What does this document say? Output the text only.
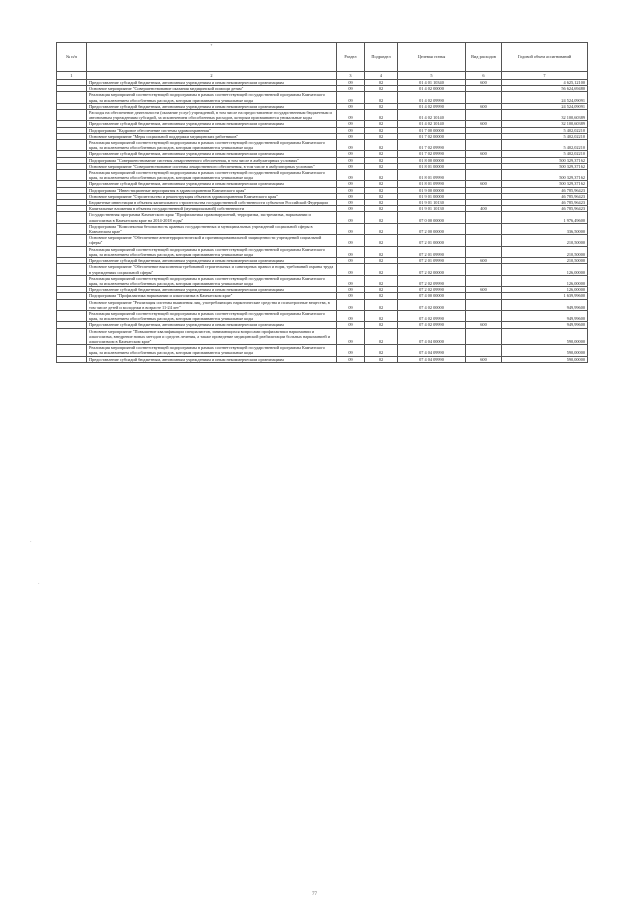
№ п/п	°	Раздел	Подраздел	Целевая статья	Вид расходов	Годовой объем ассигнований
1	2	3	4	5	6	7
	Предоставление субсидий бюджетным, автономным учреждениям и иным некоммерческим организациям	09	02	01 4 01 10340	600	4 625,12100
	Основное мероприятие "Совершенствование оказания медицинской помощи детям"	09	02	01 4 02 00000		56 624,69480
	Реализация мероприятий соответствующей подпрограммы в рамках соответствующей государственной программы Камчатского края, за исключением обособленных расходов, которым присваиваются уникальные коды	09	02	01 4 02 09990		24 524,09091
	Предоставление субсидий бюджетным, автономным учреждениям и иным некоммерческим организациям	09	02	01 4 02 09990	600	24 524,09091
	Расходы на обеспечение деятельности (оказание услуг) учреждений, в том числе на предоставление государственным бюджетным и автономным учреждениям субсидий, за исключением обособленных расходов, которым присваиваются уникальные коды	09	02	01 4 02 10140		32 100,60389
	Предоставление субсидий бюджетным, автономным учреждениям и иным некоммерческим организациям	09	02	01 4 02 10140	600	32 100,60389
	Подпрограмма "Кадровое обеспечение системы здравоохранения"	09	02	01 7 00 00000		5 402,02210
	Основное мероприятие "Меры социальной поддержки медицинских работников"	09	02	01 7 02 00000		5 402,02210
	Реализация мероприятий соответствующей подпрограммы в рамках соответствующей государственной программы Камчатского края, за исключением обособленных расходов, которым присваиваются уникальные коды	09	02	01 7 02 09990		5 402,02210
	Предоставление субсидий бюджетным, автономным учреждениям и иным некоммерческим организациям	09	02	01 7 02 09990	600	5 402,02210
	Подпрограмма "Совершенствование системы лекарственного обеспечения, в том числе в амбулаторных условиях"	09	02	01 8 00 00000		500 329,37162
	Основное мероприятие "Совершенствование системы лекарственного обеспечения, в том числе в амбулаторных условиях"	09	02	01 8 01 00000		500 329,37162
	Реализация мероприятий соответствующей подпрограммы в рамках соответствующей государственной программы Камчатского края, за исключением обособленных расходов, которым присваиваются уникальные коды	09	02	01 8 01 09990		500 329,37162
	Предоставление субсидий бюджетным, автономным учреждениям и иным некоммерческим организациям	09	02	01 8 01 09990	600	500 329,37162
	Подпрограмма "Инвестиционные мероприятия в здравоохранении Камчатского края"	09	02	01 9 00 00000		46 785,96423
	Основное мероприятие "Строительство и реконструкция объектов здравоохранения Камчатского края"	09	02	01 9 01 00000		46 785,96423
	Бюджетные инвестиции в объекты капитального строительства государственной собственности субъектов Российской Федерации	09	02	01 9 01 10130		46 785,96423
	Капитальные вложения в объекты государственной (муниципальной) собственности	09	02	01 9 01 10130	400	46 785,96423
	Государственная программа Камчатского края "Профилактика правонарушений, терроризма, экстремизма, наркомании и алкоголизма в Камчатском крае на 2014-2018 годы"	09	02	07 0 00 00000		1 976,49600
	Подпрограмма "Комплексная безопасность краевых государственных и муниципальных учреждений социальной сферы в Камчатском крае"	09	02	07 2 00 00000		336,50000
	Основное мероприятие "Обеспечение антитеррористической и противокриминальной защищенности учреждений социальной сферы"	09	02	07 2 01 00000		210,50000
	Реализация мероприятий соответствующей подпрограммы в рамках соответствующей государственной программы Камчатского края, за исключением обособленных расходов, которым присваиваются уникальные коды	09	02	07 2 01 09990		210,50000
	Предоставление субсидий бюджетным, автономным учреждениям и иным некоммерческим организациям	09	02	07 2 01 09990	600	210,50000
	Основное мероприятие "Обеспечение выполнения требований строительных и санитарных правил и норм, требований охраны труда в учреждениях социальной сферы"	09	02	07 2 02 00000		126,00000
	Реализация мероприятий соответствующей подпрограммы в рамках соответствующей государственной программы Камчатского края, за исключением обособленных расходов, которым присваиваются уникальные коды	09	02	07 2 02 09990		126,00000
	Предоставление субсидий бюджетным, автономным учреждениям и иным некоммерческим организациям	09	02	07 2 02 09990	600	126,00000
	Подпрограмма "Профилактика наркомании и алкоголизма в Камчатском крае"	09	02	07 4 00 00000		1 639,99600
	Основное мероприятие "Реализация системы выявления лиц, употребляющих наркотические средства и психотропные вещества, в том числе детей и молодежи в возрасте 11-24 лет"	09	02	07 4 02 00000		949,99600
	Реализация мероприятий соответствующей подпрограммы в рамках соответствующей государственной программы Камчатского края, за исключением обособленных расходов, которым присваиваются уникальные коды	09	02	07 4 02 09990		949,99600
	Предоставление субсидий бюджетным, автономным учреждениям и иным некоммерческим организациям	09	02	07 4 02 09990	600	949,99600
	Основное мероприятие "Повышение квалификации специалистов, занимающихся вопросами профилактики наркомании и алкоголизма, внедрение новых методов и средств лечения, а также проведение медицинской реабилитации больных наркоманией и алкоголизмом в Камчатском крае"	09	02	07 4 04 00000		590,00000
	Реализация мероприятий соответствующей подпрограммы в рамках соответствующей государственной программы Камчатского края, за исключением обособленных расходов, которым присваиваются уникальные коды	09	02	07 4 04 09990		590,00000
	Предоставление субсидий бюджетным, автономным учреждениям и иным некоммерческим организациям	09	02	07 4 04 09990	600	590,00000
77
·
·
